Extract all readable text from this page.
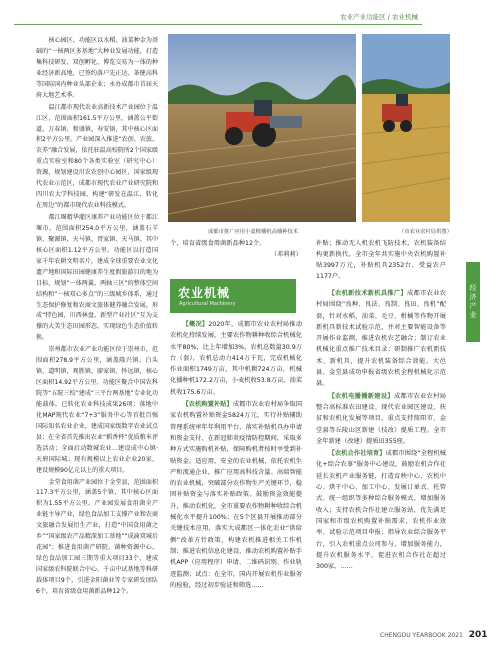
农业产业功能区 / 农业机械
经济产业

核心园区、功能区以水稻、油菜种金为基础的“一核两区多基地”大种业发展功能，打造集科技研发、双创孵化、博览交易为一体的种业经济新高地，已签约落户先正达、茶健高科等国际国内种业头部企业；永办成都市首届天府大地艺术季。

温江都市现代农业高新技术产业园位于温江区，范围面积161.5平方公里，涵盖公平街道、万春镇、和盛镇、寿安镇，其中核心区面积2平方公里。产业园深入推进“农创、农旅、农养”融合发展，依托驻温高校院所2个国家级重点实验室和80个各类实验室（研究中心）资源，规划建设川农农创中心园区、国家级现代农业示范区，成都市现代农业产业研究院和四川农大学科技园，构建“研发在温江、转化在周边”的都市现代农业科技模式。

都江堰精华灌区康养产业功能区位于都江堰市，范围面积254.0平方公里，涵盖石羊镇、聚源镇、天马镇、胥家镇、天马镇、其中核心区面积1.12平方公里。功能区以打造国家千年农耕文明名片，建成全球重要农业文化遗产地和国际田园健康养生度假旅游目的地为目标，规划“一体两翼、两轴三区”的整体空间结构和“一核双心多点”的三级城乡体系，通过生态保护修复和农商文旅体健养融合发展，形成“特色园、川西林盘、新型产业社区”互为支撑的大美生态田园形态，实现绿色生态价值转换。

崇州都市农业产业功能区位于崇州市，范围面积278.9平方公里，涵盖隆兴镇、白头镇、道明镇、观胜镇、廖家镇、怀远镇，核心区面积14.92平方公里。功能区聚合中国农科院等“五院三校”建成“三平台两基地”专业化功能载体，已转化农业科技成果26项；落地中化MAP现代农业“7+3”服务中心等首批百强国际知名农业企业，建成国家级数字农业试点县；在全省首先推出农业“稻香杯”优质粮米评选活动；全面启动数城农业…建设成中心镇·天府国际城；现有规模以上农业企业20家，建设规模90亿元以上的重大项目。

金堂食用菌产业园位于金堂县，范围面积117.3平方公里，涵盖5个镇，其中核心区面积为1.55平方公里。产业园发展食用菌全产业链主导产业，绿色食品加工支撑产业和农商文旅融合发展衍生产业，打造“中国食用菌之乡”“国家级农产品精深加工基地”“成渝双城后花园”；推进食用菌产研院、菌种资源中心、绿色食品加工园三期等重大项目33个，建成国家级农科院联合中心，千亩中试基地等科研载体项目9个，引进金阳菌业等专家研发团队6个，培育省级食用菌新品种12个。

成都市推广应用小麦精播机高播种技术	（市农业农村局供图）
个，培育省级食用菌新品种12个。
（邓莉莉）

补贴；推动无人机农机飞防技术，农机装备结构更新换代。全市全年共实施中央农机购置补贴3997万元，补贴机具2352台，受益农户1177户。

农业机械
Agricultural Machinery

【概况】2020年，成都市农业农村局推动农机化持续发展，主要农作物耕种收综合机械化水平80%，比上年增加3%，农机总数量30.9万台（套），农机总动力414万千瓦，完成机械化作业面积1749万亩，其中机耕724万亩，机械化播种机172.2万亩，小麦机收53.8万亩，油菜机收175.6万亩。

【农机购置补贴】成都市农业农村局争取国家农机购置补贴资金5824万元，实行补贴辅助管理系统审年年利用平台，落实补贴机具办申请和资金支付，在新冠肺炎疫情防控期间，采取多种方式实施购机补贴，保障购机者按时享受到补贴资金。适应用，安全的农业机械，依托农机生产和流通企业，推广应用高科技含量、高端智能的农业机械，突破部分农作物生产关键环节，稳固补贴资金与落实补贴政策。鼓励资金效能提升，推动农机化，全市重要农作物耕种收综合机械化水平提升100%；在5个区县开展推动部分关键技术应用，落实大成都区一体化农业“供给侧”改革方针政策，构建农机推进相关工作机制；推进农机信息化建设，推动农机购置补贴手机APP（应用程序）申请、二维码识别、作业轨迹监测；试点：在全市，国内开展农机作业服务的检验，经过初步验证和筛选……

【农机新技术新机具推广】成都市农业农村局围绕“良种、良法、良制、良田、良机”配套，针对水稻、油菜、毛豆、柑橘等作物开展新机具新技术试验示范，并对主要智能设备等开展作业监测，推进农机农艺融合；制订农业机械化重点推广技术目录；研制推广农机新技术、新机具，提升农机装备综合效能。大邑县、金堂县成功申报省级农机全程机械化示范县。

【农机电播播新建设】成都市农业农村局整合高标准农田建设、现代农业园区建设、扶贫和农机化发展等项目，重点支持简阳市、金堂县等丘陵山区新建（技改）提质工程。全市全年新建（改建）提质田355座。

【农机合作社培育】成都市围绕“全程机械化+综合农事”服务中心建设，鼓励农机合作社延长农机产业服务链，打造育秧中心、农机中心、烘干中心、加工中心、发展订单式、托管式、统一组织等多种综合服务模式，增加服务收入；支持农机合作社建立服务站，优先满足国家和市级农机购置补贴需求，农机作业效率、试验示范项目申报；指导农业综合服务平台，引入农机重点公司参与，增加服务能力，提升农机服务水平，促进农机合作社在超过300家，……

CHENGDU YEARBOOK 2021 201
